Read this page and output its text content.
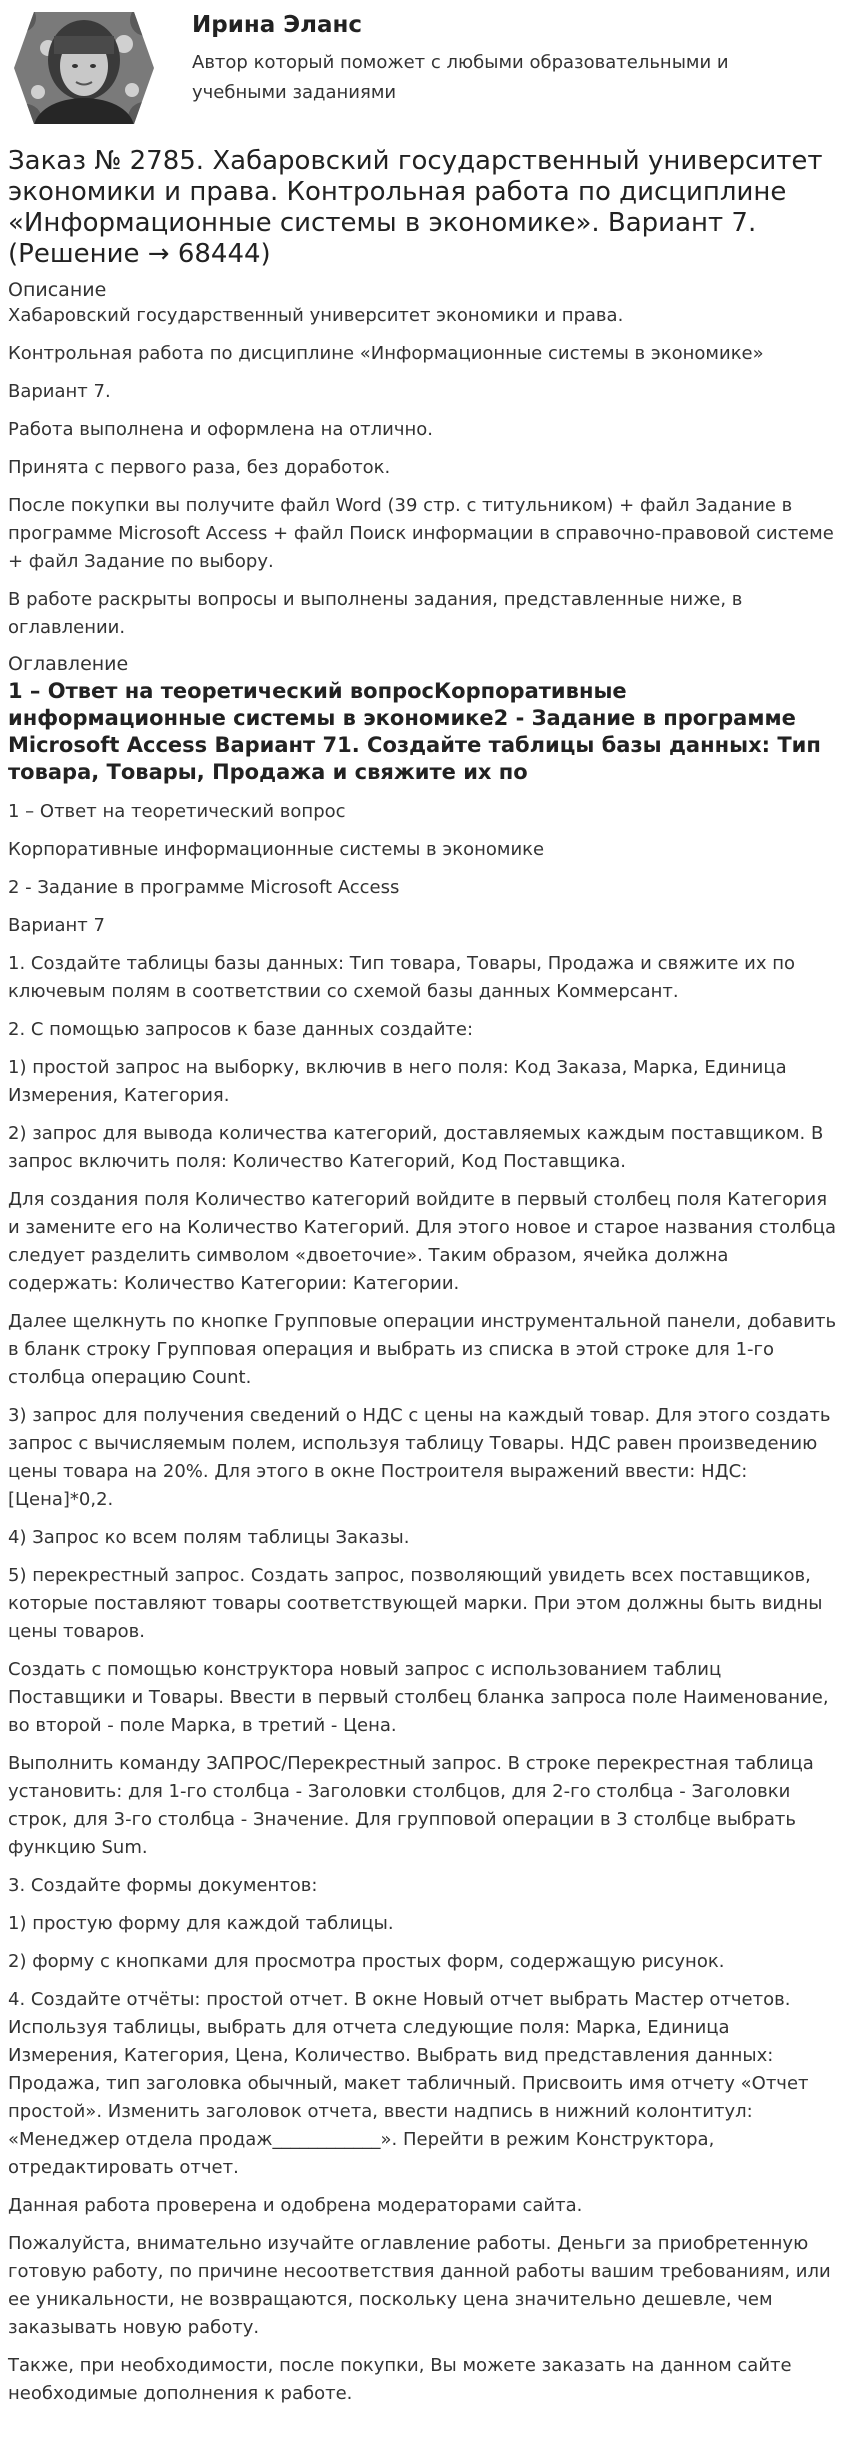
Ирина Эланс
Автор который поможет с любыми образовательными и учебными заданиями
Заказ № 2785. Хабаровский государственный университет экономики и права. Контрольная работа по дисциплине «Информационные системы в экономике». Вариант 7. (Решение → 68444)
Описание

Хабаровский государственный университет экономики и права.

Контрольная работа по дисциплине «Информационные системы в экономике»

Вариант 7.

Работа выполнена и оформлена на отлично.

Принята с первого раза, без доработок.

После покупки вы получите файл Word (39 стр. с титульником) + файл Задание в программе Microsoft Access + файл Поиск информации в справочно-правовой системе + файл Задание по выбору.

В работе раскрыты вопросы и выполнены задания, представленные ниже, в оглавлении.

Оглавление
1 – Ответ на теоретический вопросКорпоративные информационные системы в экономике2 - Задание в программе Microsoft Access Вариант 71. Создайте таблицы базы данных: Тип товара, Товары, Продажа и свяжите их по

1 – Ответ на теоретический вопрос

Корпоративные информационные системы в экономике

2 - Задание в программе Microsoft Access

Вариант 7

1. Создайте таблицы базы данных: Тип товара, Товары, Продажа и свяжите их по ключевым полям в соответствии со схемой базы данных Коммерсант.

2. С помощью запросов к базе данных создайте:

1) простой запрос на выборку, включив в него поля: Код Заказа, Марка, Единица Измерения, Категория.

2) запрос для вывода количества категорий, доставляемых каждым поставщиком. В запрос включить поля: Количество Категорий, Код Поставщика.

Для создания поля Количество категорий войдите в первый столбец поля Категория и замените его на Количество Категорий. Для этого новое и старое названия столбца следует разделить символом «двоеточие». Таким образом, ячейка должна содержать: Количество Категории: Категории.

Далее щелкнуть по кнопке Групповые операции инструментальной панели, добавить в бланк строку Групповая операция и выбрать из списка в этой строке для 1-го столбца операцию Count.

3) запрос для получения сведений о НДС с цены на каждый товар. Для этого создать запрос с вычисляемым полем, используя таблицу Товары. НДС равен произведению цены товара на 20%. Для этого в окне Построителя выражений ввести: НДС: [Цена]*0,2.

4) Запрос ко всем полям таблицы Заказы.

5) перекрестный запрос. Создать запрос, позволяющий увидеть всех поставщиков, которые поставляют товары соответствующей марки. При этом должны быть видны цены товаров.

Создать с помощью конструктора новый запрос с использованием таблиц Поставщики и Товары. Ввести в первый столбец бланка запроса поле Наименование, во второй - поле Марка, в третий - Цена.

Выполнить команду ЗАПРОС/Перекрестный запрос. В строке перекрестная таблица установить: для 1-го столбца - Заголовки столбцов, для 2-го столбца - Заголовки строк, для 3-го столбца - Значение. Для групповой операции в 3 столбце выбрать функцию Sum.

3. Создайте формы документов:

1) простую форму для каждой таблицы.

2) форму с кнопками для просмотра простых форм, содержащую рисунок.

4. Создайте отчёты: простой отчет. В окне Новый отчет выбрать Мастер отчетов. Используя таблицы, выбрать для отчета следующие поля: Марка, Единица Измерения, Категория, Цена, Количество. Выбрать вид представления данных: Продажа, тип заголовка обычный, макет табличный. Присвоить имя отчету «Отчет простой». Изменить заголовок отчета, ввести надпись в нижний колонтитул: «Менеджер отдела продаж____________». Перейти в режим Конструктора, отредактировать отчет.

Данная работа проверена и одобрена модераторами сайта.

Пожалуйста, внимательно изучайте оглавление работы. Деньги за приобретенную готовую работу, по причине несоответствия данной работы вашим требованиям, или ее уникальности, не возвращаются, поскольку цена значительно дешевле, чем заказывать новую работу.

Также, при необходимости, после покупки, Вы можете заказать на данном сайте необходимые дополнения к работе.
